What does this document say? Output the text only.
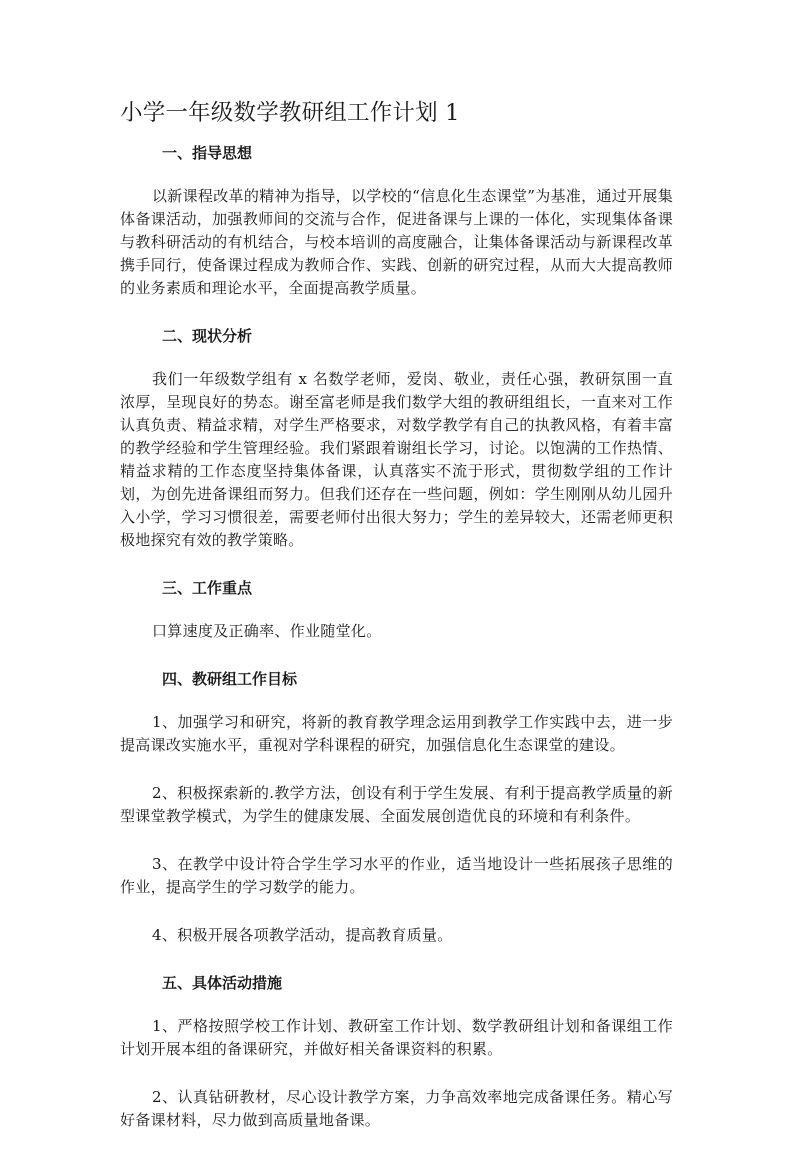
小学一年级数学教研组工作计划 1
一、指导思想

以新课程改革的精神为指导，以学校的“信息化生态课堂”为基准，通过开展集体备课活动，加强教师间的交流与合作，促进备课与上课的一体化，实现集体备课与教科研活动的有机结合，与校本培训的高度融合，让集体备课活动与新课程改革携手同行，使备课过程成为教师合作、实践、创新的研究过程，从而大大提高教师的业务素质和理论水平，全面提高教学质量。

二、现状分析

我们一年级数学组有 x 名数学老师，爱岗、敬业，责任心强，教研氛围一直浓厚，呈现良好的势态。谢至富老师是我们数学大组的教研组组长，一直来对工作认真负责、精益求精，对学生严格要求，对数学教学有自己的执教风格，有着丰富的教学经验和学生管理经验。我们紧跟着谢组长学习，讨论。以饱满的工作热情、精益求精的工作态度坚持集体备课，认真落实不流于形式，贯彻数学组的工作计划，为创先进备课组而努力。但我们还存在一些问题，例如：学生刚刚从幼儿园升入小学，学习习惯很差，需要老师付出很大努力；学生的差异较大，还需老师更积极地探究有效的教学策略。

三、工作重点

口算速度及正确率、作业随堂化。

四、教研组工作目标

1、加强学习和研究，将新的教育教学理念运用到教学工作实践中去，进一步提高课改实施水平，重视对学科课程的研究，加强信息化生态课堂的建设。

2、积极探索新的.教学方法，创设有利于学生发展、有利于提高教学质量的新型课堂教学模式，为学生的健康发展、全面发展创造优良的环境和有利条件。

3、在教学中设计符合学生学习水平的作业，适当地设计一些拓展孩子思维的作业，提高学生的学习数学的能力。

4、积极开展各项教学活动，提高教育质量。

五、具体活动措施

1、严格按照学校工作计划、教研室工作计划、数学教研组计划和备课组工作计划开展本组的备课研究，并做好相关备课资料的积累。

2、认真钻研教材，尽心设计教学方案，力争高效率地完成备课任务。精心写好备课材料，尽力做到高质量地备课。
